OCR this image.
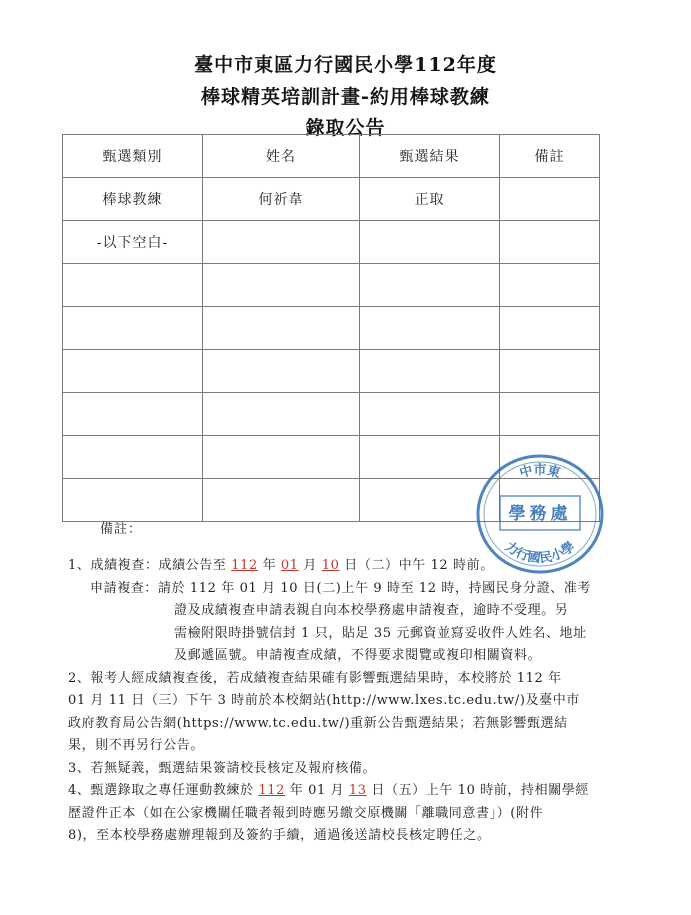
臺中市東區力行國民小學112年度
棒球精英培訓計畫-約用棒球教練
錄取公告
甄選類別	姓名	甄選結果	備註
棒球教練	何祈韋	正取	
-以下空白-			

中市東
學務處
力行國民小學
備註：
1、成績複查：成績公告至 112 年 01 月 10 日（二）中午 12 時前。
申請複查：請於 112 年 01 月 10 日(二)上午 9 時至 12 時，持國民身分證、准考
證及成績複查申請表親自向本校學務處申請複查，逾時不受理。另
需檢附限時掛號信封 1 只，貼足 35 元郵資並寫妥收件人姓名、地址
及郵遞區號。申請複查成績，不得要求閱覽或複印相關資料。
2、報考人經成績複查後，若成績複查結果確有影響甄選結果時，本校將於 112 年
01 月 11 日（三）下午 3 時前於本校網站(http://www.lxes.tc.edu.tw/)及臺中市
政府教育局公告網(https://www.tc.edu.tw/)重新公告甄選結果；若無影響甄選結
果，則不再另行公告。
3、若無疑義，甄選結果簽請校長核定及報府核備。
4、甄選錄取之專任運動教練於 112 年 01 月 13 日（五）上午 10 時前，持相關學經
歷證件正本（如在公家機關任職者報到時應另繳交原機關「離職同意書」）(附件
8)，至本校學務處辦理報到及簽約手續，通過後送請校長核定聘任之。
